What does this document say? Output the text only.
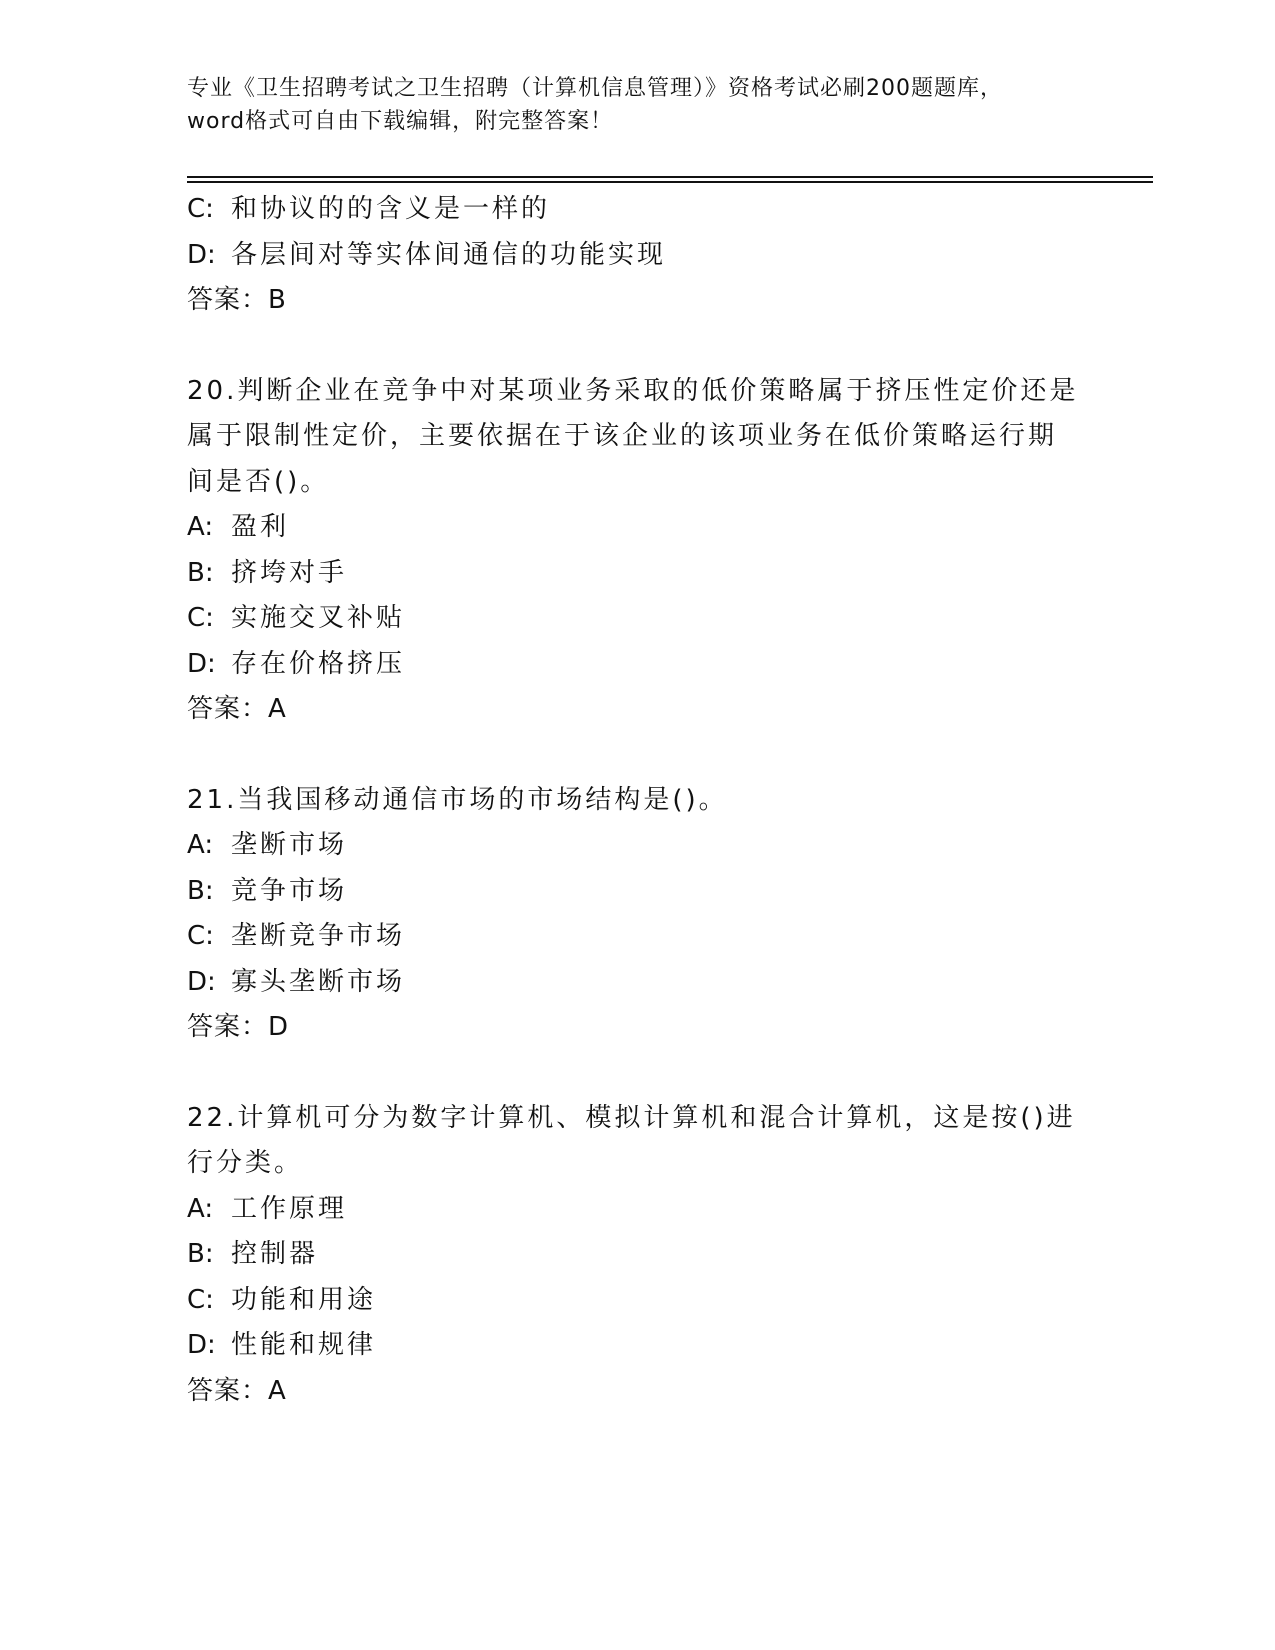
专业《卫生招聘考试之卫生招聘（计算机信息管理）》资格考试必刷200题题库，
word格式可自由下载编辑，附完整答案！
C: 和协议的的含义是一样的
D: 各层间对等实体间通信的功能实现
答案：B
20.判断企业在竞争中对某项业务采取的低价策略属于挤压性定价还是
属于限制性定价，主要依据在于该企业的该项业务在低价策略运行期
间是否()。
A: 盈利
B: 挤垮对手
C: 实施交叉补贴
D: 存在价格挤压
答案：A
21.当我国移动通信市场的市场结构是()。
A: 垄断市场
B: 竞争市场
C: 垄断竞争市场
D: 寡头垄断市场
答案：D
22.计算机可分为数字计算机、模拟计算机和混合计算机，这是按()进
行分类。
A: 工作原理
B: 控制器
C: 功能和用途
D: 性能和规律
答案：A
